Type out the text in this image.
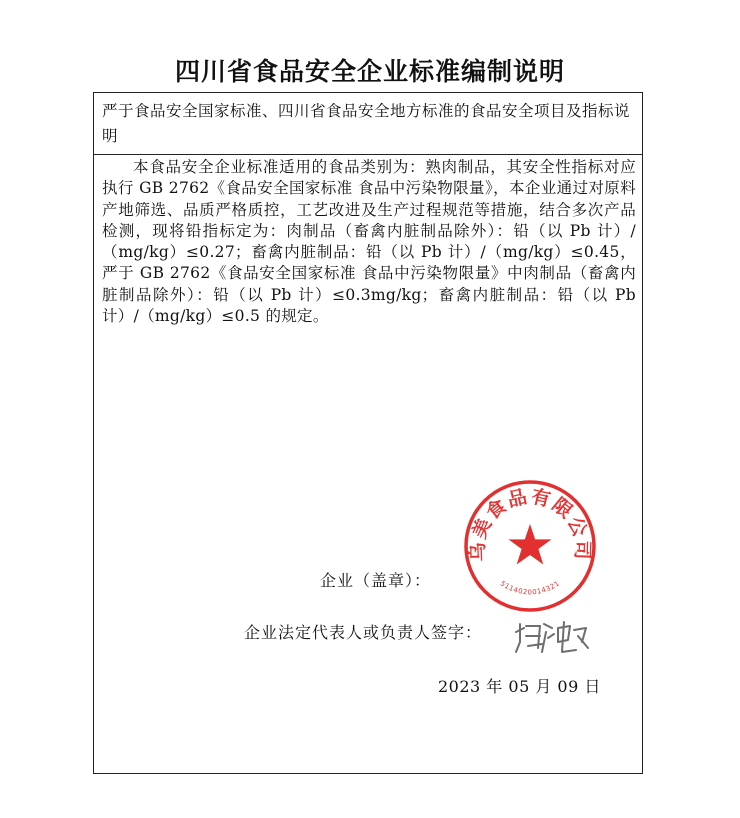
四川省食品安全企业标准编制说明
严于食品安全国家标准、四川省食品安全地方标准的食品安全项目及指标说明
本食品安全企业标准适用的食品类别为：熟肉制品，其安全性指标对应执行 GB 2762《食品安全国家标准 食品中污染物限量》，本企业通过对原料产地筛选、品质严格质控，工艺改进及生产过程规范等措施，结合多次产品检测，现将铅指标定为：肉制品（畜禽内脏制品除外）：铅（以 Pb 计）/（mg/kg）≤0.27；畜禽内脏制品：铅（以 Pb 计）/（mg/kg）≤0.45，严于 GB 2762《食品安全国家标准 食品中污染物限量》中肉制品（畜禽内脏制品除外）：铅（以 Pb 计）≤0.3mg/kg；畜禽内脏制品：铅（以 Pb 计）/（mg/kg）≤0.5 的规定。
企业（盖章）：
企业法定代表人或负责人签字：
2023 年 05 月 09 日
乌美食品有限公司
5114020014321
